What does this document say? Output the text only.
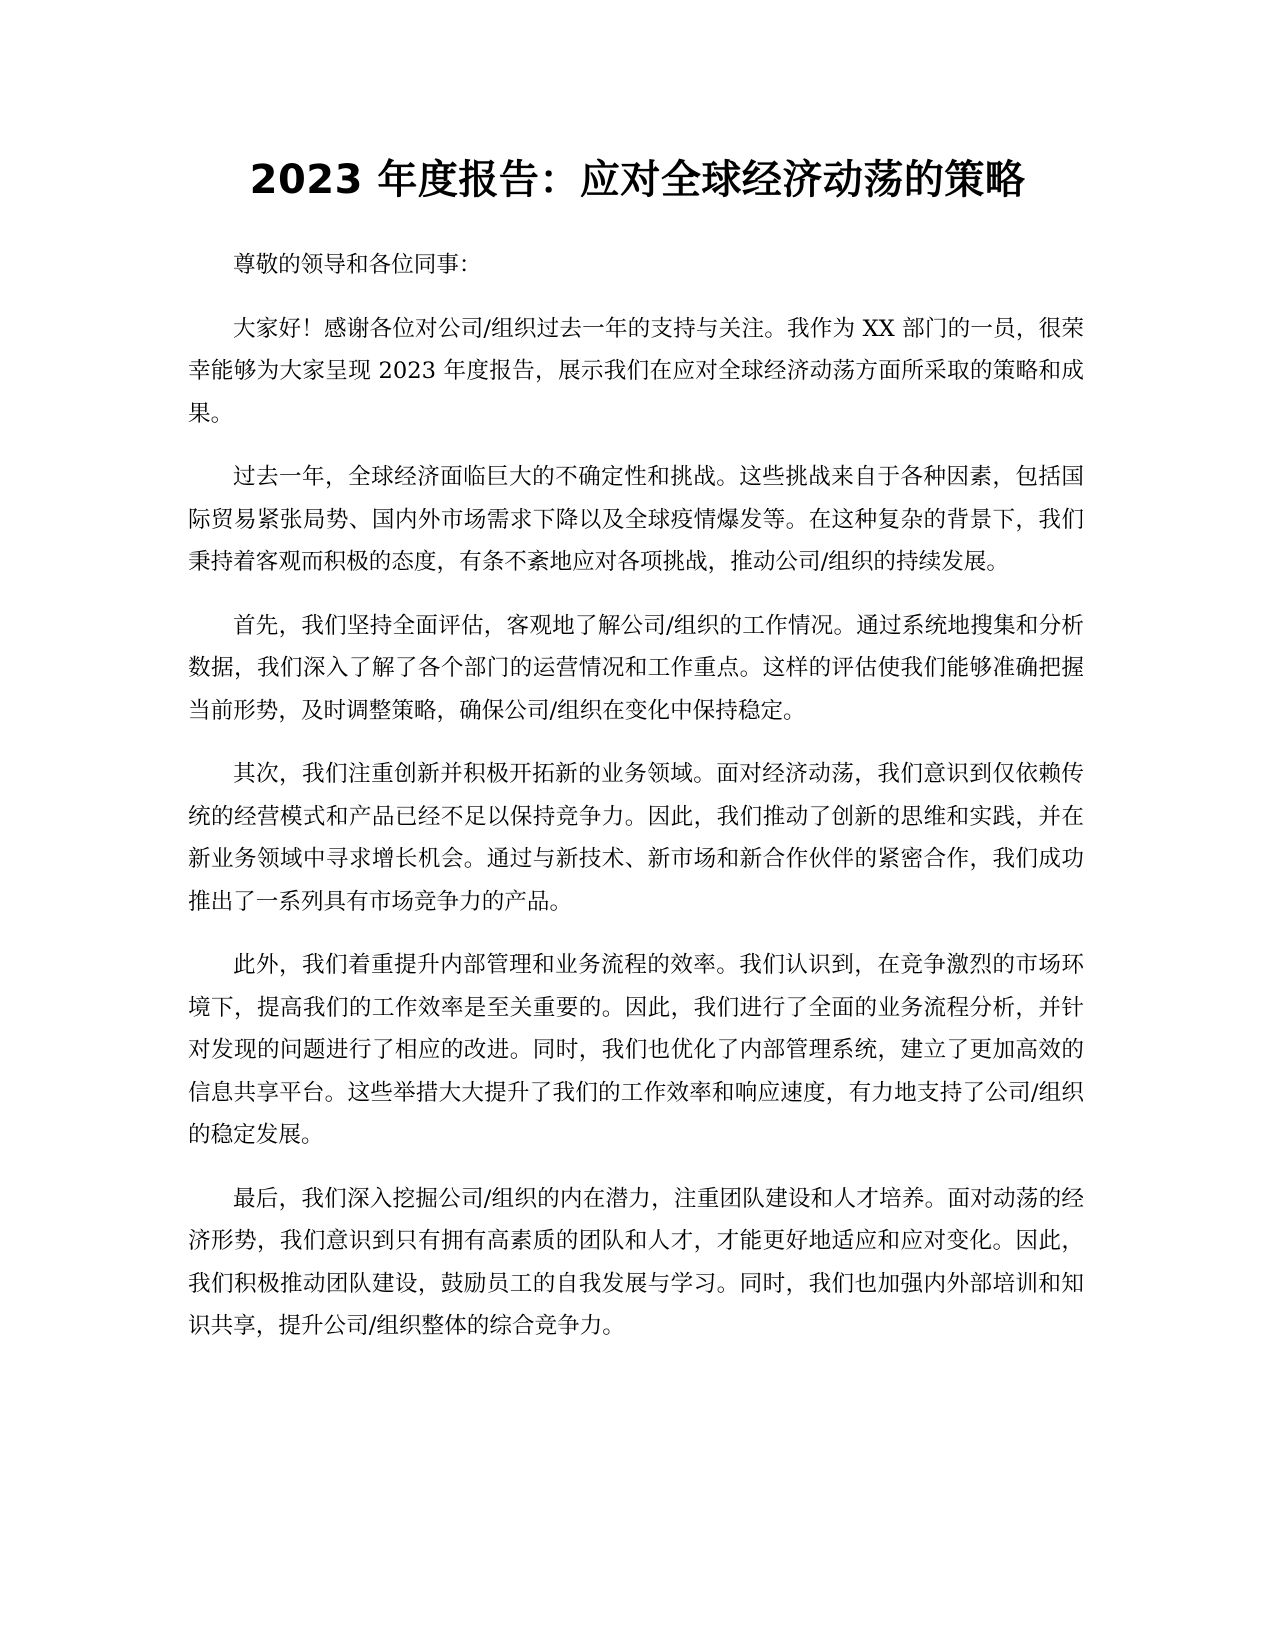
2023 年度报告：应对全球经济动荡的策略

尊敬的领导和各位同事：

大家好！感谢各位对公司/组织过去一年的支持与关注。我作为 XX 部门的一员，很荣幸能够为大家呈现 2023 年度报告，展示我们在应对全球经济动荡方面所采取的策略和成果。

过去一年，全球经济面临巨大的不确定性和挑战。这些挑战来自于各种因素，包括国际贸易紧张局势、国内外市场需求下降以及全球疫情爆发等。在这种复杂的背景下，我们秉持着客观而积极的态度，有条不紊地应对各项挑战，推动公司/组织的持续发展。

首先，我们坚持全面评估，客观地了解公司/组织的工作情况。通过系统地搜集和分析数据，我们深入了解了各个部门的运营情况和工作重点。这样的评估使我们能够准确把握当前形势，及时调整策略，确保公司/组织在变化中保持稳定。

其次，我们注重创新并积极开拓新的业务领域。面对经济动荡，我们意识到仅依赖传统的经营模式和产品已经不足以保持竞争力。因此，我们推动了创新的思维和实践，并在新业务领域中寻求增长机会。通过与新技术、新市场和新合作伙伴的紧密合作，我们成功推出了一系列具有市场竞争力的产品。

此外，我们着重提升内部管理和业务流程的效率。我们认识到，在竞争激烈的市场环境下，提高我们的工作效率是至关重要的。因此，我们进行了全面的业务流程分析，并针对发现的问题进行了相应的改进。同时，我们也优化了内部管理系统，建立了更加高效的信息共享平台。这些举措大大提升了我们的工作效率和响应速度，有力地支持了公司/组织的稳定发展。

最后，我们深入挖掘公司/组织的内在潜力，注重团队建设和人才培养。面对动荡的经济形势，我们意识到只有拥有高素质的团队和人才，才能更好地适应和应对变化。因此，我们积极推动团队建设，鼓励员工的自我发展与学习。同时，我们也加强内外部培训和知识共享，提升公司/组织整体的综合竞争力。
